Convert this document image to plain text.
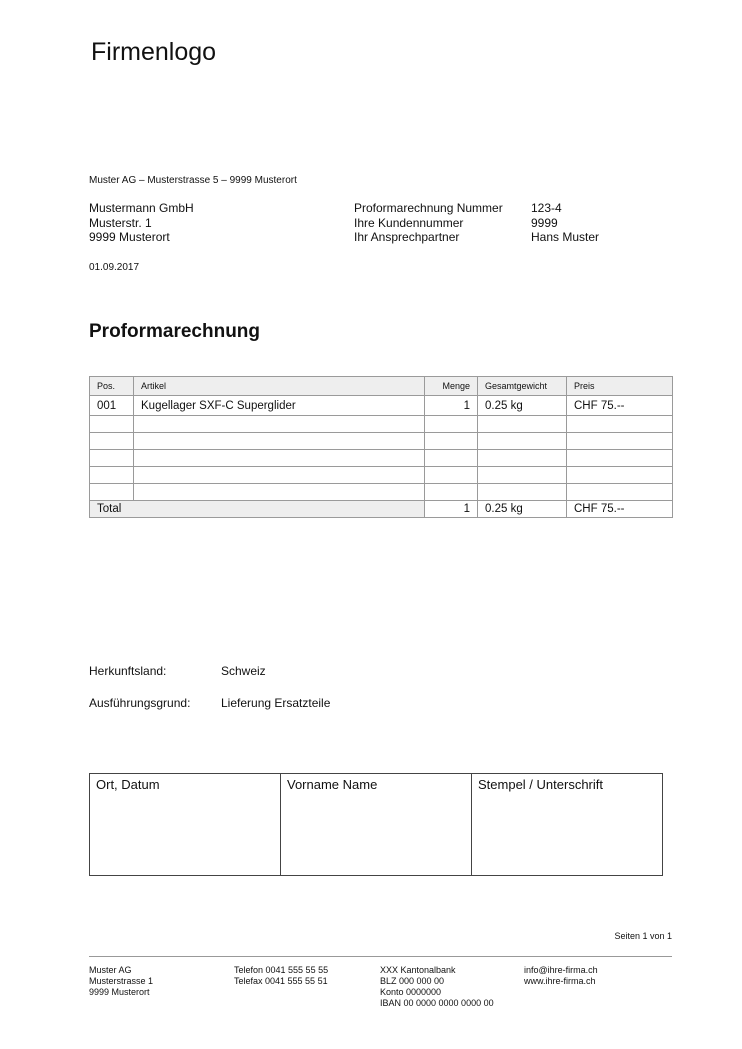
Firmenlogo
Muster AG – Musterstrasse 5 – 9999 Musterort
Mustermann GmbH
Musterstr. 1
9999 Musterort
Proformarechnung Nummer	123-4
Ihre Kundennummer	9999
Ihr Ansprechpartner	Hans Muster
01.09.2017
Proformarechnung
Pos.	Artikel	Menge	Gesamtgewicht	Preis
001	Kugellager SXF-C Superglider	1	0.25 kg	CHF 75.--

Total		1	0.25 kg	CHF 75.--
Herkunftsland:	Schweiz
Ausführungsgrund:	Lieferung Ersatzteile
Ort, Datum	Vorname Name	Stempel / Unterschrift
Seiten 1 von 1
Muster AG
Musterstrasse 1
9999 Musterort
Telefon 0041 555 55 55
Telefax 0041 555 55 51
XXX Kantonalbank
BLZ 000 000 00
Konto 0000000
IBAN 00 0000 0000 0000 00
info@ihre-firma.ch
www.ihre-firma.ch
